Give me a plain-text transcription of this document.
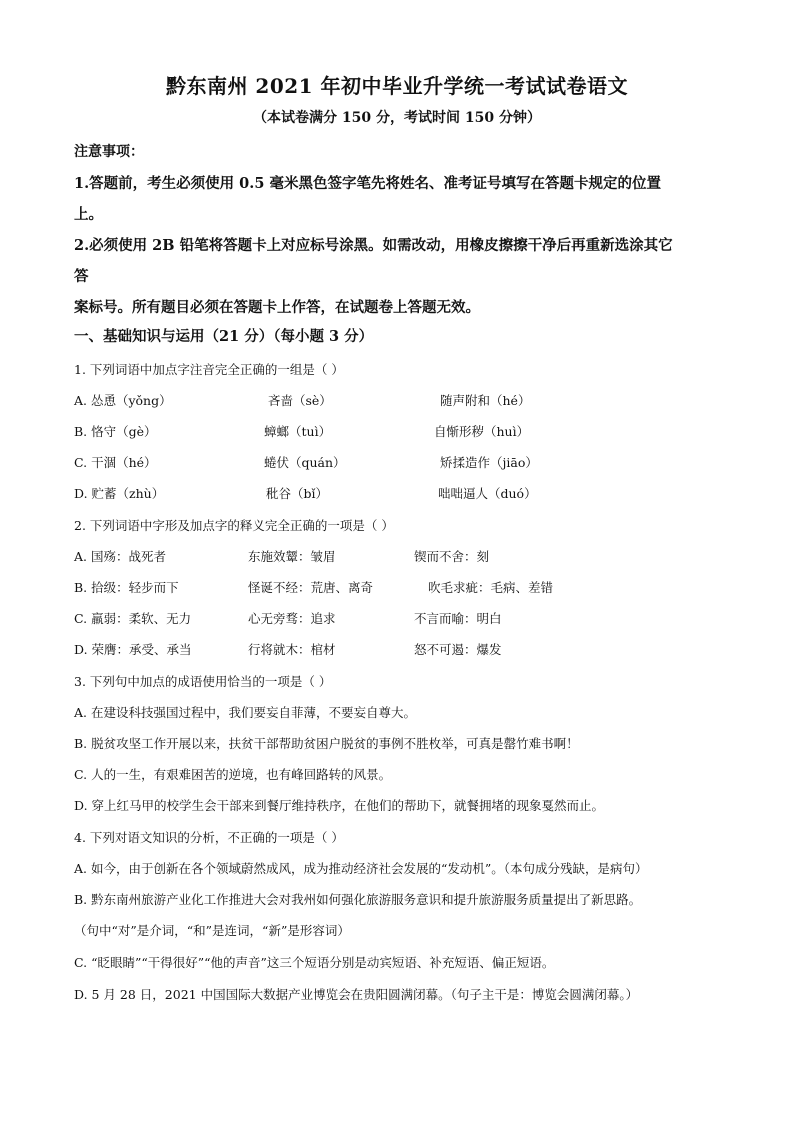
黔东南州 2021 年初中毕业升学统一考试试卷语文
（本试卷满分 150 分，考试时间 150 分钟）
注意事项：
1.答题前，考生必须使用 0.5 毫米黑色签字笔先将姓名、准考证号填写在答题卡规定的位置
上。
2.必须使用 2B 铅笔将答题卡上对应标号涂黑。如需改动，用橡皮擦擦干净后再重新选涂其它
答
案标号。所有题目必须在答题卡上作答，在试题卷上答题无效。
一、基础知识与运用（21 分）（每小题 3 分）
1. 下列词语中加点字注音完全正确的一组是（ ）
A. 怂恿（yǒng）	吝啬（sè）	随声附和（hé）
B. 恪守（gè）	蟑螂（tuì）	自惭形秽（huì）
C. 干涸（hé）	蜷伏（quán）	矫揉造作（jiāo）
D. 贮蓄（zhù）	秕谷（bǐ）	咄咄逼人（duó）
2. 下列词语中字形及加点字的释义完全正确的一项是（ ）
A. 国殇：战死者	东施效颦：皱眉	锲而不舍：刻
B. 拾级：轻步而下	怪诞不经：荒唐、离奇	吹毛求疵：毛病、差错
C. 羸弱：柔软、无力	心无旁骛：追求	不言而喻：明白
D. 荣膺：承受、承当	行将就木：棺材	怒不可遏：爆发
3. 下列句中加点的成语使用恰当的一项是（ ）
A. 在建设科技强国过程中，我们要妄自菲薄，不要妄自尊大。
B. 脱贫攻坚工作开展以来，扶贫干部帮助贫困户脱贫的事例不胜枚举，可真是罄竹难书啊！
C. 人的一生，有艰难困苦的逆境，也有峰回路转的风景。
D. 穿上红马甲的校学生会干部来到餐厅维持秩序，在他们的帮助下，就餐拥堵的现象戛然而止。
4. 下列对语文知识的分析，不正确的一项是（ ）
A. 如今，由于创新在各个领域蔚然成风，成为推动经济社会发展的“发动机”。（本句成分残缺，是病句）
B. 黔东南州旅游产业化工作推进大会对我州如何强化旅游服务意识和提升旅游服务质量提出了新思路。
（句中“对”是介词，“和”是连词，“新”是形容词）
C. “眨眼睛”“干得很好”“他的声音”这三个短语分别是动宾短语、补充短语、偏正短语。
D. 5 月 28 日，2021 中国国际大数据产业博览会在贵阳圆满闭幕。（句子主干是：博览会圆满闭幕。）
